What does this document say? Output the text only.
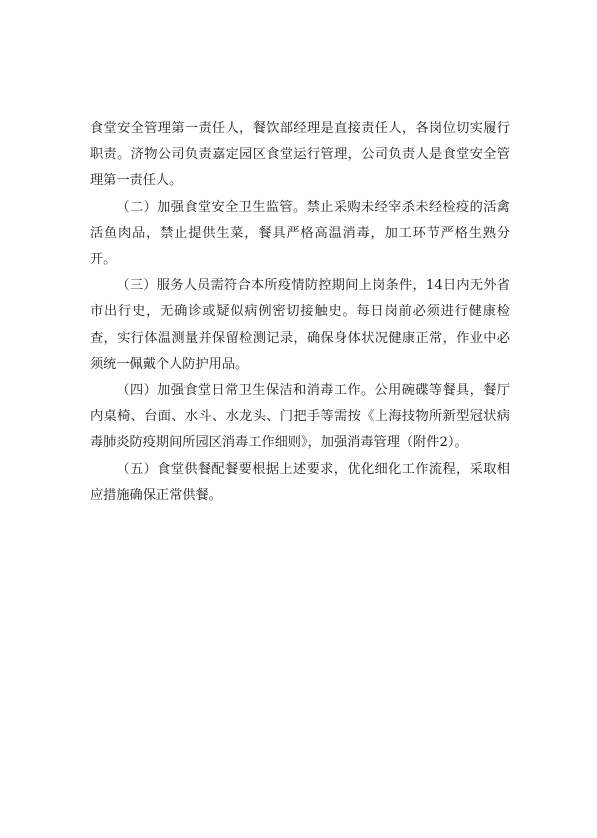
食堂安全管理第一责任人，餐饮部经理是直接责任人，各岗位切实履行职责。济物公司负责嘉定园区食堂运行管理，公司负责人是食堂安全管理第一责任人。

（二）加强食堂安全卫生监管。禁止采购未经宰杀未经检疫的活禽活鱼肉品，禁止提供生菜，餐具严格高温消毒，加工环节严格生熟分开。

（三）服务人员需符合本所疫情防控期间上岗条件，14日内无外省市出行史，无确诊或疑似病例密切接触史。每日岗前必须进行健康检查，实行体温测量并保留检测记录，确保身体状况健康正常，作业中必须统一佩戴个人防护用品。

（四）加强食堂日常卫生保洁和消毒工作。公用碗碟等餐具，餐厅内桌椅、台面、水斗、水龙头、门把手等需按《上海技物所新型冠状病毒肺炎防疫期间所园区消毒工作细则》，加强消毒管理（附件2）。

（五）食堂供餐配餐要根据上述要求，优化细化工作流程，采取相应措施确保正常供餐。
